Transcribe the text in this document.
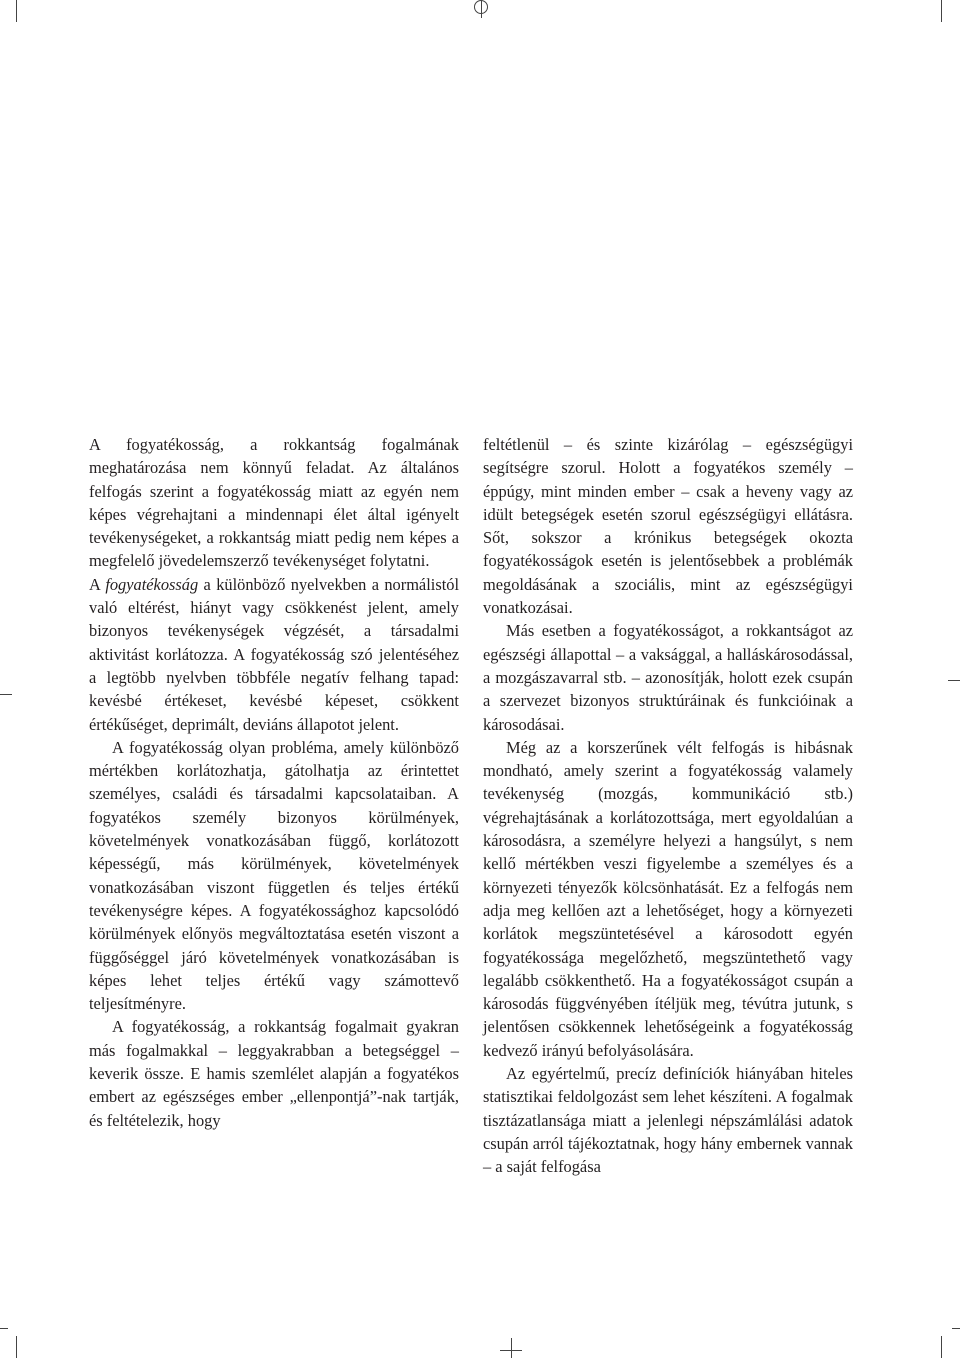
A fogyatékosság, a rokkantság fogalmának meghatározása nem könnyű feladat. Az általános felfogás szerint a fogyatékosság miatt az egyén nem képes végrehajtani a mindennapi élet által igényelt tevékenységeket, a rokkantság miatt pedig nem képes a megfelelő jövedelemszerző tevékenységet folytatni.

A fogyatékosság a különböző nyelvekben a normálistól való eltérést, hiányt vagy csökkenést jelent, amely bizonyos tevékenységek végzését, a társadalmi aktivitást korlátozza. A fogyatékosság szó jelentéséhez a legtöbb nyelvben többféle negatív felhang tapad: kevésbé értékeset, kevésbé képeset, csökkent értékűséget, deprimált, deviáns állapotot jelent.

A fogyatékosság olyan probléma, amely különböző mértékben korlátozhatja, gátolhatja az érintettet személyes, családi és társadalmi kapcsolataiban. A fogyatékos személy bizonyos körülmények, követelmények vonatkozásában függő, korlátozott képességű, más körülmények, követelmények vonatkozásában viszont független és teljes értékű tevékenységre képes. A fogyatékossághoz kapcsolódó körülmények előnyös megváltoztatása esetén viszont a függőséggel járó követelmények vonatkozásában is képes lehet teljes értékű vagy számottevő teljesítményre.

A fogyatékosság, a rokkantság fogalmait gyakran más fogalmakkal – leggyakrabban a betegséggel – keverik össze. E hamis szemlélet alapján a fogyatékos embert az egészséges ember „ellenpontjá”-nak tartják, és feltételezik, hogy

feltétlenül – és szinte kizárólag – egészségügyi segítségre szorul. Holott a fogyatékos személy – éppúgy, mint minden ember – csak a heveny vagy az idült betegségek esetén szorul egészségügyi ellátásra. Sőt, sokszor a krónikus betegségek okozta fogyatékosságok esetén is jelentősebbek a problémák megoldásának a szociális, mint az egészségügyi vonatkozásai.

Más esetben a fogyatékosságot, a rokkantságot az egészségi állapottal – a vaksággal, a halláskárosodással, a mozgászavarral stb. – azonosítják, holott ezek csupán a szervezet bizonyos struktúráinak és funkcióinak a károsodásai.

Még az a korszerűnek vélt felfogás is hibásnak mondható, amely szerint a fogyatékosság valamely tevékenység (mozgás, kommunikáció stb.) végrehajtásának a korlátozottsága, mert egyoldalúan a károsodásra, a személyre helyezi a hangsúlyt, s nem kellő mértékben veszi figyelembe a személyes és a környezeti tényezők kölcsönhatását. Ez a felfogás nem adja meg kellően azt a lehetőséget, hogy a környezeti korlátok megszüntetésével a károsodott egyén fogyatékossága megelőzhető, megszüntethető vagy legalább csökkenthető. Ha a fogyatékosságot csupán a károsodás függvényében ítéljük meg, tévútra jutunk, s jelentősen csökkennek lehetőségeink a fogyatékosság kedvező irányú befolyásolására.

Az egyértelmű, precíz definíciók hiányában hiteles statisztikai feldolgozást sem lehet készíteni. A fogalmak tisztázatlansága miatt a jelenlegi népszámlálási adatok csupán arról tájékoztatnak, hogy hány embernek vannak – a saját felfogása
